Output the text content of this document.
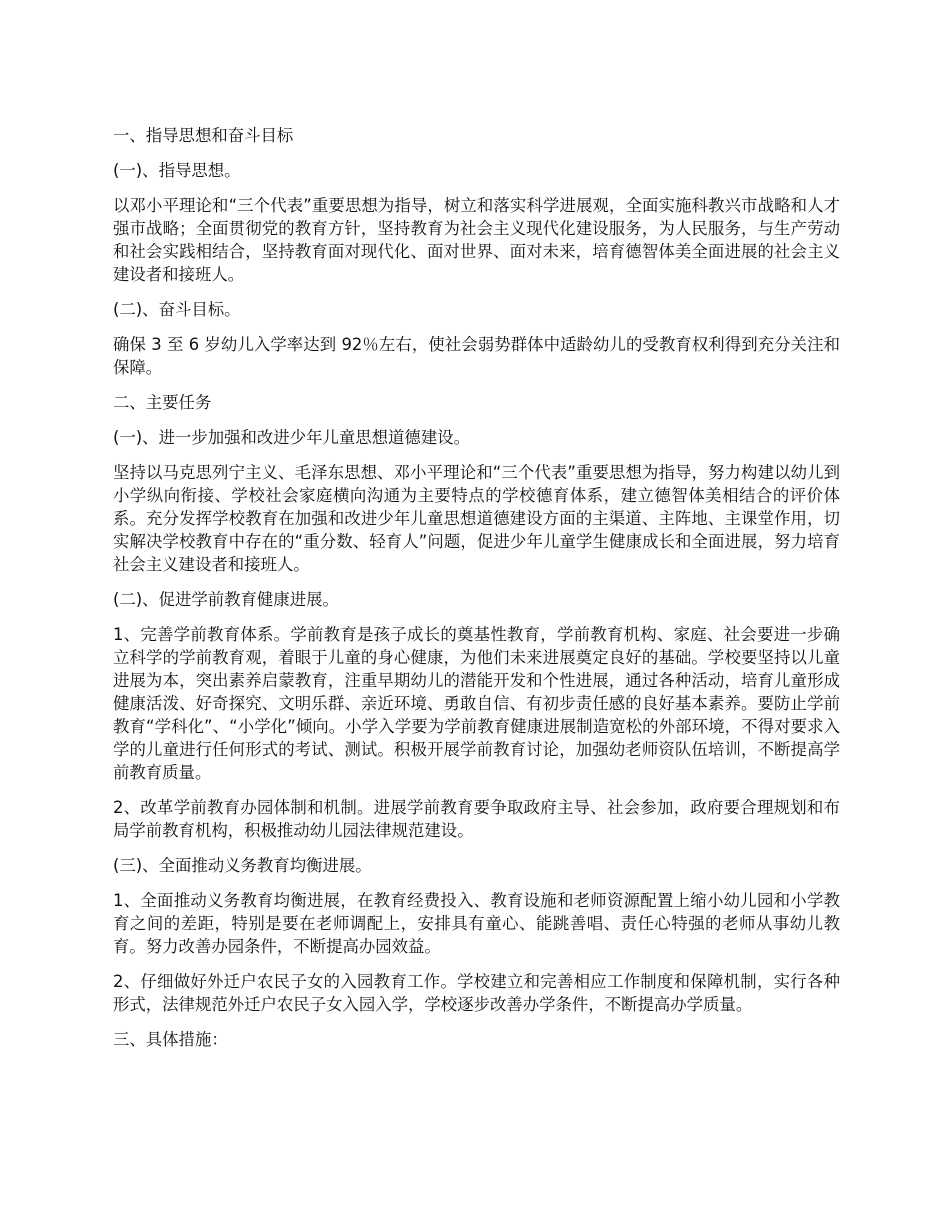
一、指导思想和奋斗目标

(一)、指导思想。

以邓小平理论和“三个代表”重要思想为指导，树立和落实科学进展观，全面实施科教兴市战略和人才强市战略；全面贯彻党的教育方针，坚持教育为社会主义现代化建设服务，为人民服务，与生产劳动和社会实践相结合，坚持教育面对现代化、面对世界、面对未来，培育德智体美全面进展的社会主义建设者和接班人。

(二)、奋斗目标。

确保 3 至 6 岁幼儿入学率达到 92％左右，使社会弱势群体中适龄幼儿的受教育权利得到充分关注和保障。

二、主要任务

(一)、进一步加强和改进少年儿童思想道德建设。

坚持以马克思列宁主义、毛泽东思想、邓小平理论和“三个代表”重要思想为指导，努力构建以幼儿到小学纵向衔接、学校社会家庭横向沟通为主要特点的学校德育体系，建立德智体美相结合的评价体系。充分发挥学校教育在加强和改进少年儿童思想道德建设方面的主渠道、主阵地、主课堂作用，切实解决学校教育中存在的“重分数、轻育人”问题，促进少年儿童学生健康成长和全面进展，努力培育社会主义建设者和接班人。

(二)、促进学前教育健康进展。

1、完善学前教育体系。学前教育是孩子成长的奠基性教育，学前教育机构、家庭、社会要进一步确立科学的学前教育观，着眼于儿童的身心健康，为他们未来进展奠定良好的基础。学校要坚持以儿童进展为本，突出素养启蒙教育，注重早期幼儿的潜能开发和个性进展，通过各种活动，培育儿童形成健康活泼、好奇探究、文明乐群、亲近环境、勇敢自信、有初步责任感的良好基本素养。要防止学前教育“学科化”、“小学化”倾向。小学入学要为学前教育健康进展制造宽松的外部环境，不得对要求入学的儿童进行任何形式的考试、测试。积极开展学前教育讨论，加强幼老师资队伍培训，不断提高学前教育质量。

2、改革学前教育办园体制和机制。进展学前教育要争取政府主导、社会参加，政府要合理规划和布局学前教育机构，积极推动幼儿园法律规范建设。

(三)、全面推动义务教育均衡进展。

1、全面推动义务教育均衡进展，在教育经费投入、教育设施和老师资源配置上缩小幼儿园和小学教育之间的差距，特别是要在老师调配上，安排具有童心、能跳善唱、责任心特强的老师从事幼儿教育。努力改善办园条件，不断提高办园效益。

2、仔细做好外迁户农民子女的入园教育工作。学校建立和完善相应工作制度和保障机制，实行各种形式，法律规范外迁户农民子女入园入学，学校逐步改善办学条件，不断提高办学质量。

三、具体措施：
